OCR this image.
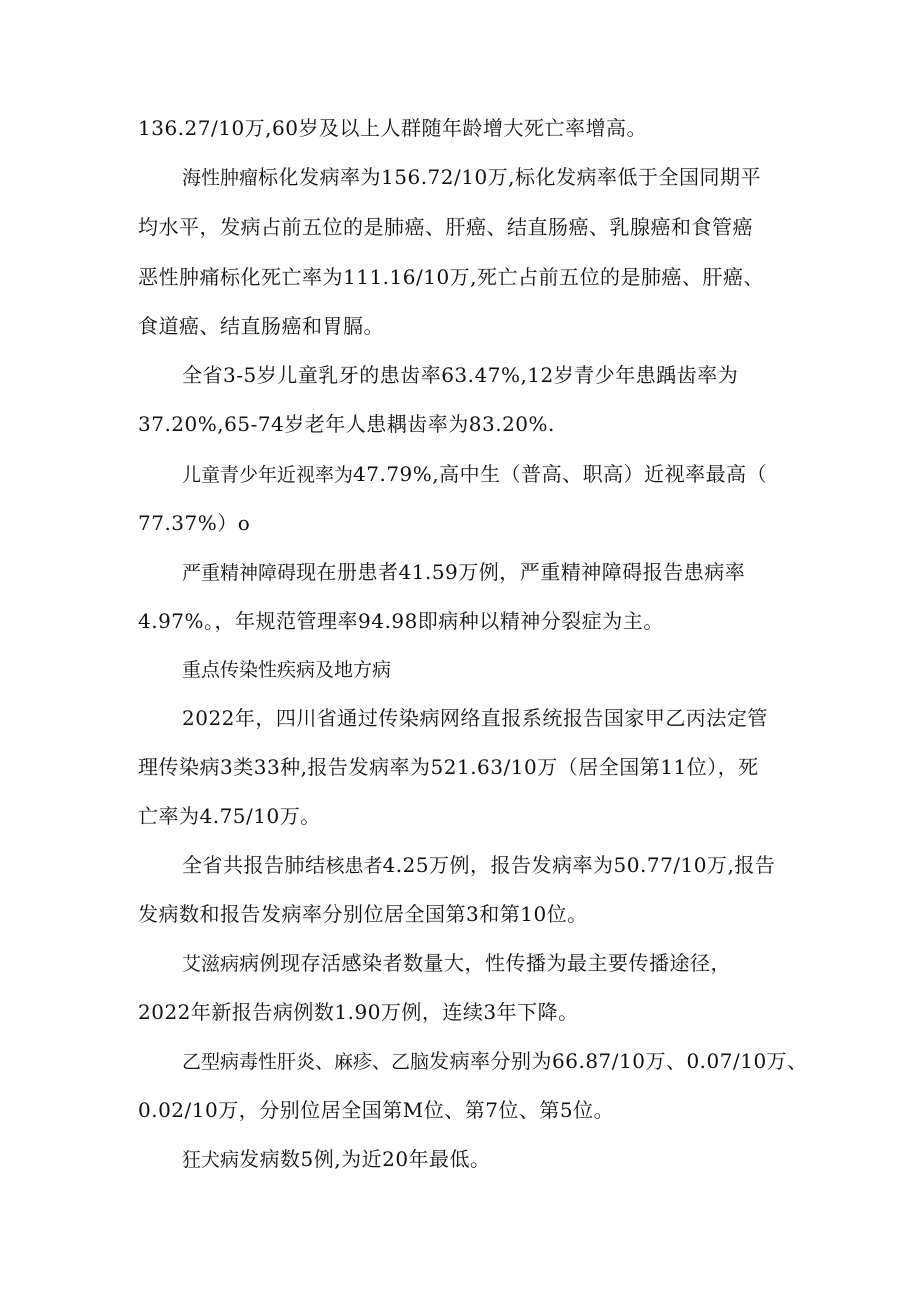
136.27/10万,60岁及以上人群随年龄增大死亡率增高。
海性肿瘤标化发病率为156.72/10万,标化发病率低于全国同期平
均水平，发病占前五位的是肺癌、肝癌、结直肠癌、乳腺癌和食管癌
恶性肿痛标化死亡率为111.16/10万,死亡占前五位的是肺癌、肝癌、
食道癌、结直肠癌和胃膈。
全省3-5岁儿童乳牙的患齿率63.47%,12岁青少年患踽齿率为
37.20%,65-74岁老年人患耦齿率为83.20%.
儿童青少年近视率为47.79%,高中生（普高、职高）近视率最高（
77.37%）o
严重精神障碍现在册患者41.59万例，严重精神障碍报告患病率
4.97%。，年规范管理率94.98即病种以精神分裂症为主。
重点传染性疾病及地方病
2022年，四川省通过传染病网络直报系统报告国家甲乙丙法定管
理传染病3类33种,报告发病率为521.63/10万（居全国第11位），死
亡率为4.75/10万。
全省共报告肺结核患者4.25万例，报告发病率为50.77/10万,报告
发病数和报告发病率分别位居全国第3和第10位。
艾滋病病例现存活感染者数量大，性传播为最主要传播途径，
2022年新报告病例数1.90万例，连续3年下降。
乙型病毒性肝炎、麻疹、乙脑发病率分别为66.87/10万、0.07/10万、
0.02/10万，分别位居全国第M位、第7位、第5位。
狂犬病发病数5例,为近20年最低。
